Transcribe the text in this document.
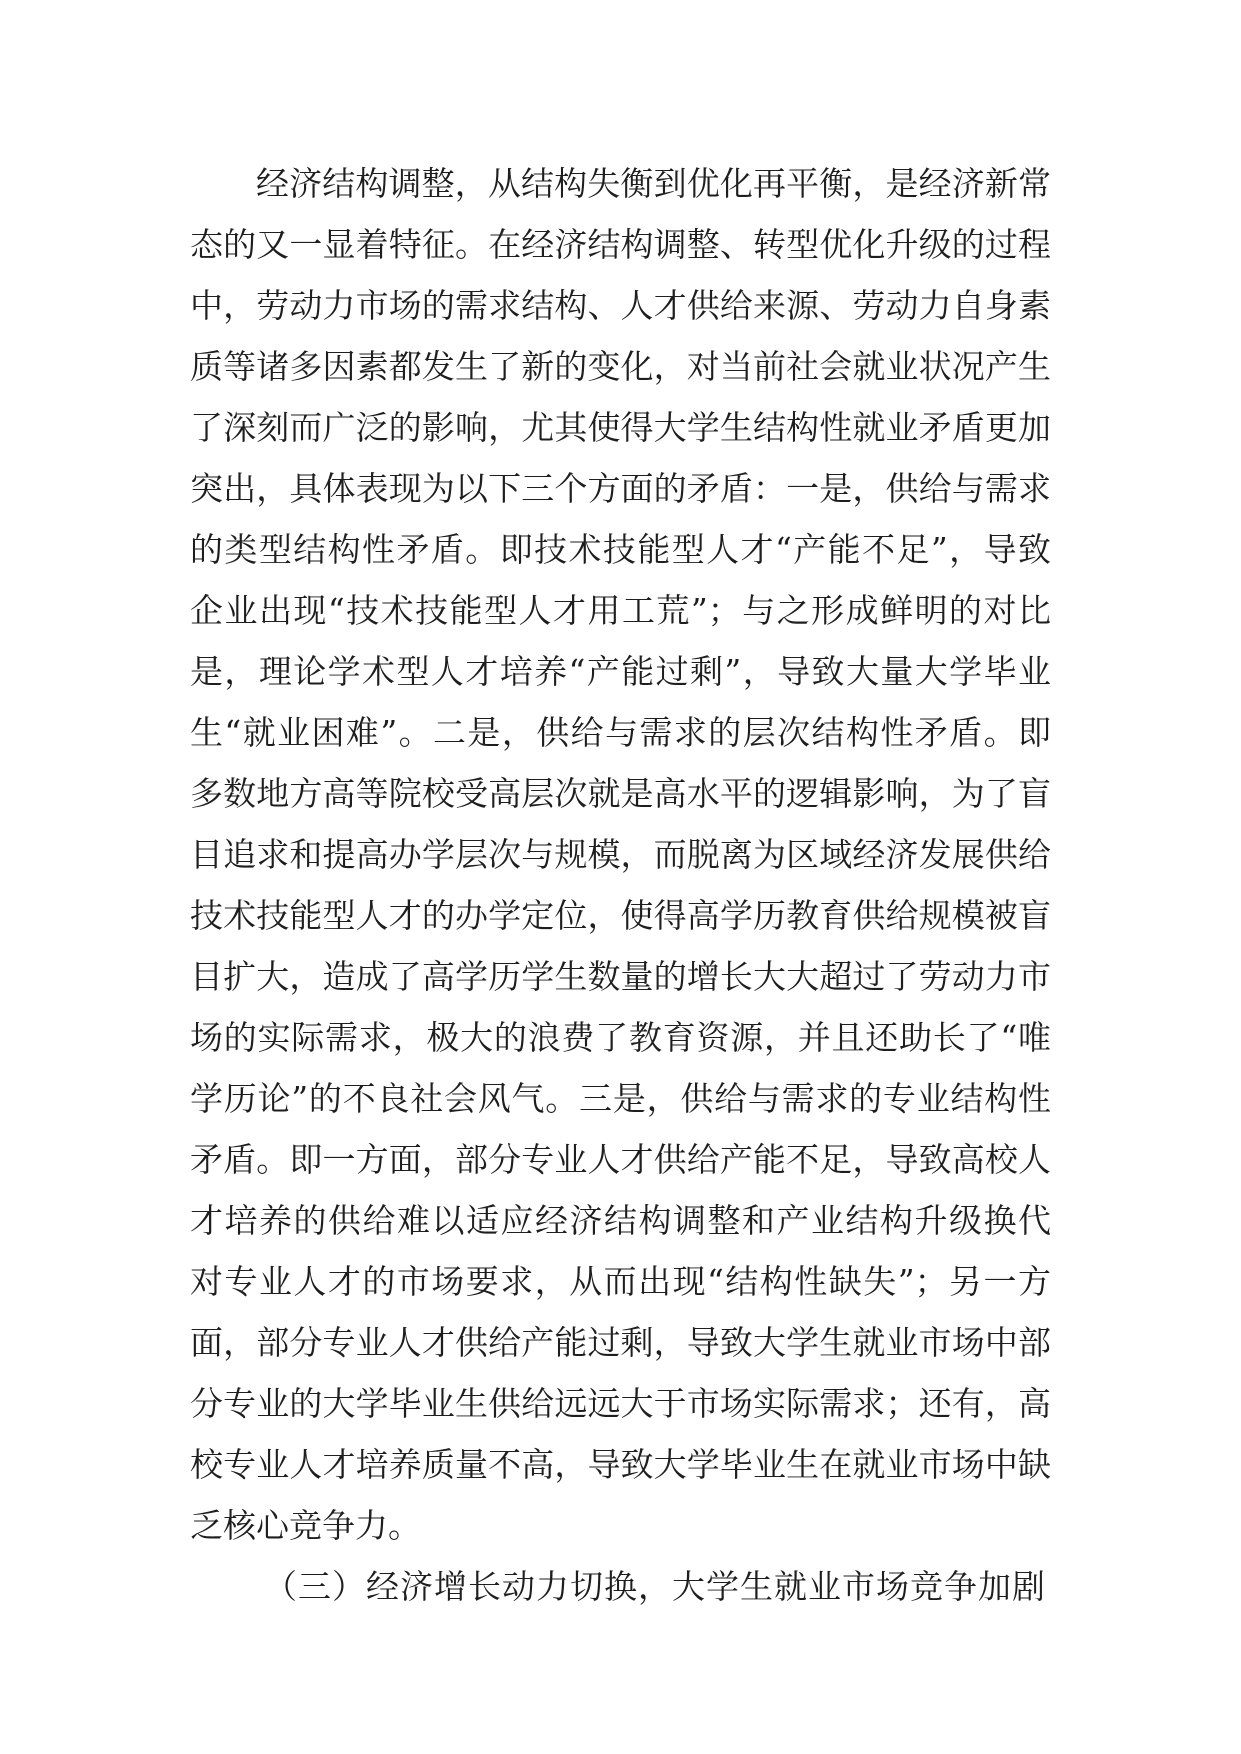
经济结构调整，从结构失衡到优化再平衡，是经济新常
态的又一显着特征。在经济结构调整、转型优化升级的过程
中，劳动力市场的需求结构、人才供给来源、劳动力自身素
质等诸多因素都发生了新的变化，对当前社会就业状况产生
了深刻而广泛的影响，尤其使得大学生结构性就业矛盾更加
突出，具体表现为以下三个方面的矛盾：一是，供给与需求
的类型结构性矛盾。即技术技能型人才“产能不足”，导致
企业出现“技术技能型人才用工荒”；与之形成鲜明的对比
是，理论学术型人才培养“产能过剩”，导致大量大学毕业
生“就业困难”。二是，供给与需求的层次结构性矛盾。即
多数地方高等院校受高层次就是高水平的逻辑影响，为了盲
目追求和提高办学层次与规模，而脱离为区域经济发展供给
技术技能型人才的办学定位，使得高学历教育供给规模被盲
目扩大，造成了高学历学生数量的增长大大超过了劳动力市
场的实际需求，极大的浪费了教育资源，并且还助长了“唯
学历论”的不良社会风气。三是，供给与需求的专业结构性
矛盾。即一方面，部分专业人才供给产能不足，导致高校人
才培养的供给难以适应经济结构调整和产业结构升级换代
对专业人才的市场要求，从而出现“结构性缺失”；另一方
面，部分专业人才供给产能过剩，导致大学生就业市场中部
分专业的大学毕业生供给远远大于市场实际需求；还有，高
校专业人才培养质量不高，导致大学毕业生在就业市场中缺
乏核心竞争力。
（三）经济增长动力切换，大学生就业市场竞争加剧
